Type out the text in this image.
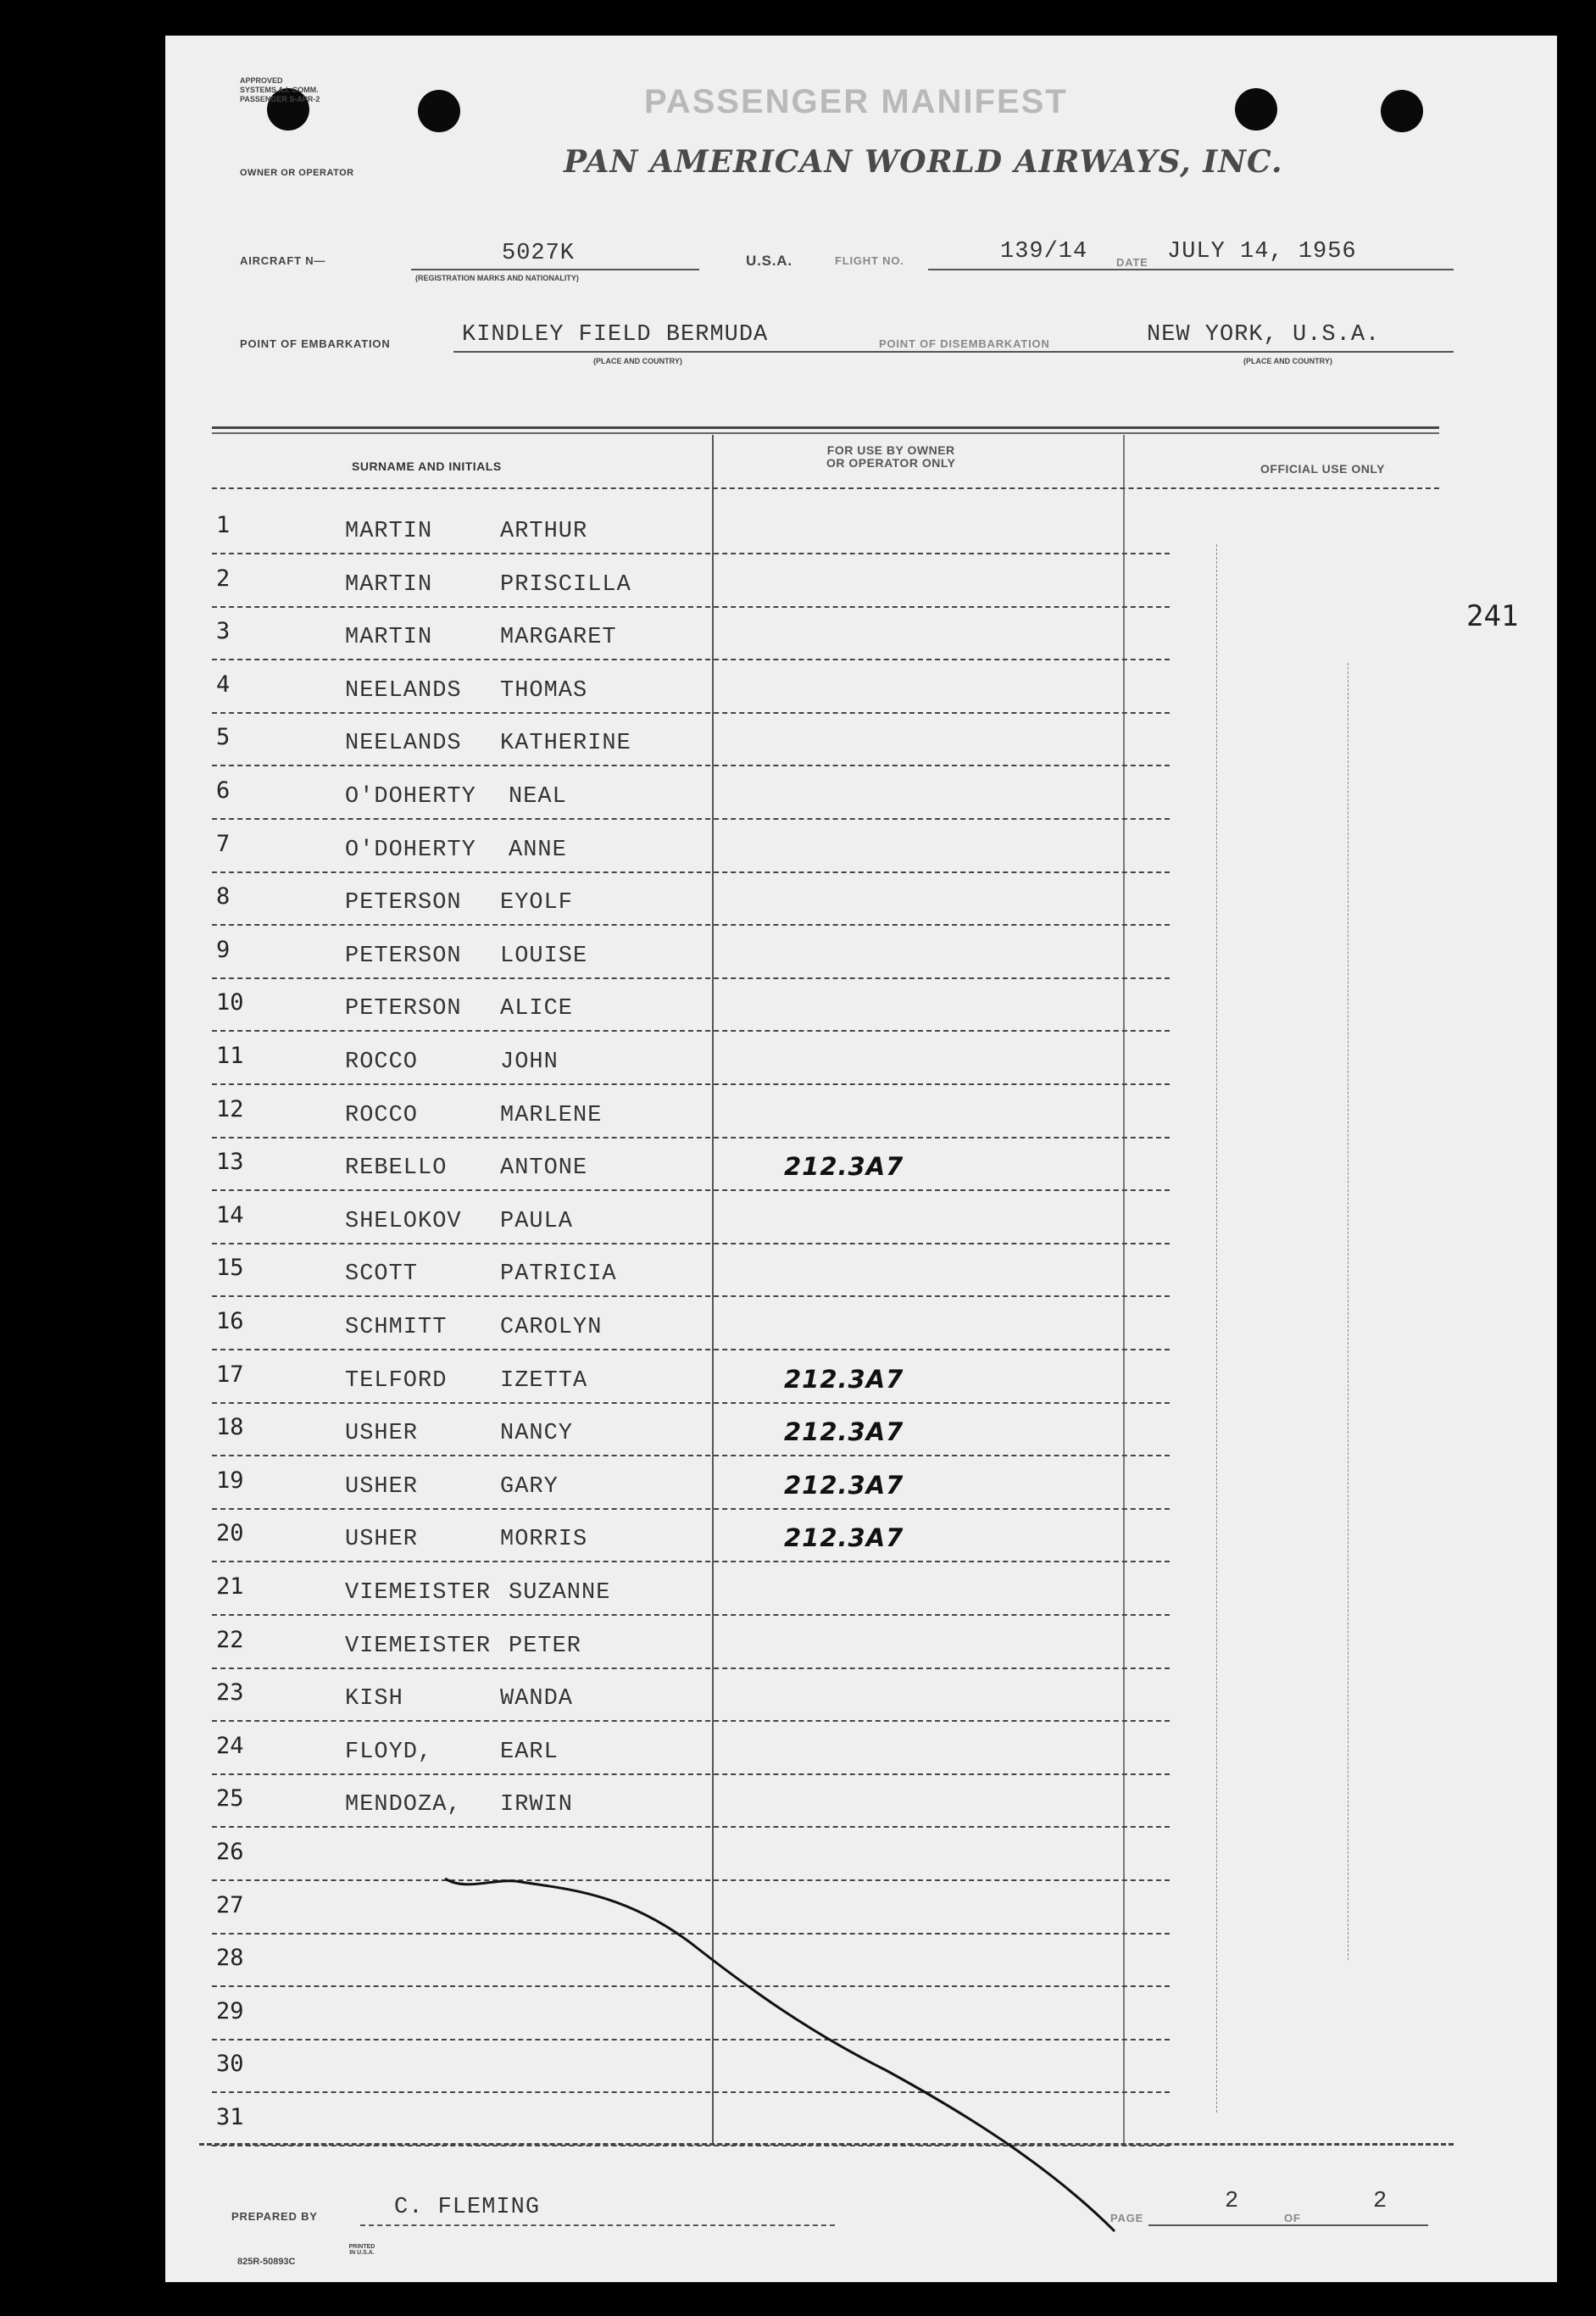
APPROVED
SYSTEMS A.I. COMM.
PASSENGER S-APR-2
OWNER OR OPERATOR
PASSENGER MANIFEST
PAN AMERICAN WORLD AIRWAYS, INC.
AIRCRAFT N—	5027K
(REGISTRATION MARKS AND NATIONALITY)
U.S.A.	FLIGHT NO.	139/14	DATE JULY 14, 1956
POINT OF EMBARKATION	KINDLEY FIELD BERMUDA
(PLACE AND COUNTRY)
POINT OF DISEMBARKATION	NEW YORK, U.S.A.
(PLACE AND COUNTRY)
SURNAME AND INITIALS
FOR USE BY OWNER
OR OPERATOR ONLY	OFFICIAL USE ONLY
1	MARTIN	ARTHUR
2	MARTIN	PRISCILLA
3	MARTIN	MARGARET
4	NEELANDS THOMAS
5	NEELANDS KATHERINE
6	O'DOHERTY NEAL
7	O'DOHERTY ANNE
8	PETERSON EYOLF
9	PETERSON LOUISE
10	PETERSON ALICE
11	ROCCO	JOHN
12	ROCCO	MARLENE
13	REBELLO ANTONE	212.3A7
14	SHELOKOV PAULA
15	SCOTT	PATRICIA
16	SCHMITT CAROLYN
17	TELFORD IZETTA	212.3A7
18	USHER	NANCY	212.3A7
19	USHER	GARY	212.3A7
20	USHER	MORRIS	212.3A7
21	VIEMEISTER SUZANNE
22	VIEMEISTER PETER
23	KISH	WANDA
24	FLOYD,	EARL
25	MENDOZA, IRWIN
26
27
28
29
30
31
241
PREPARED BY	C. FLEMING	PAGE
2
OF
2
825R-50893C
PRINTED IN U.S.A.
